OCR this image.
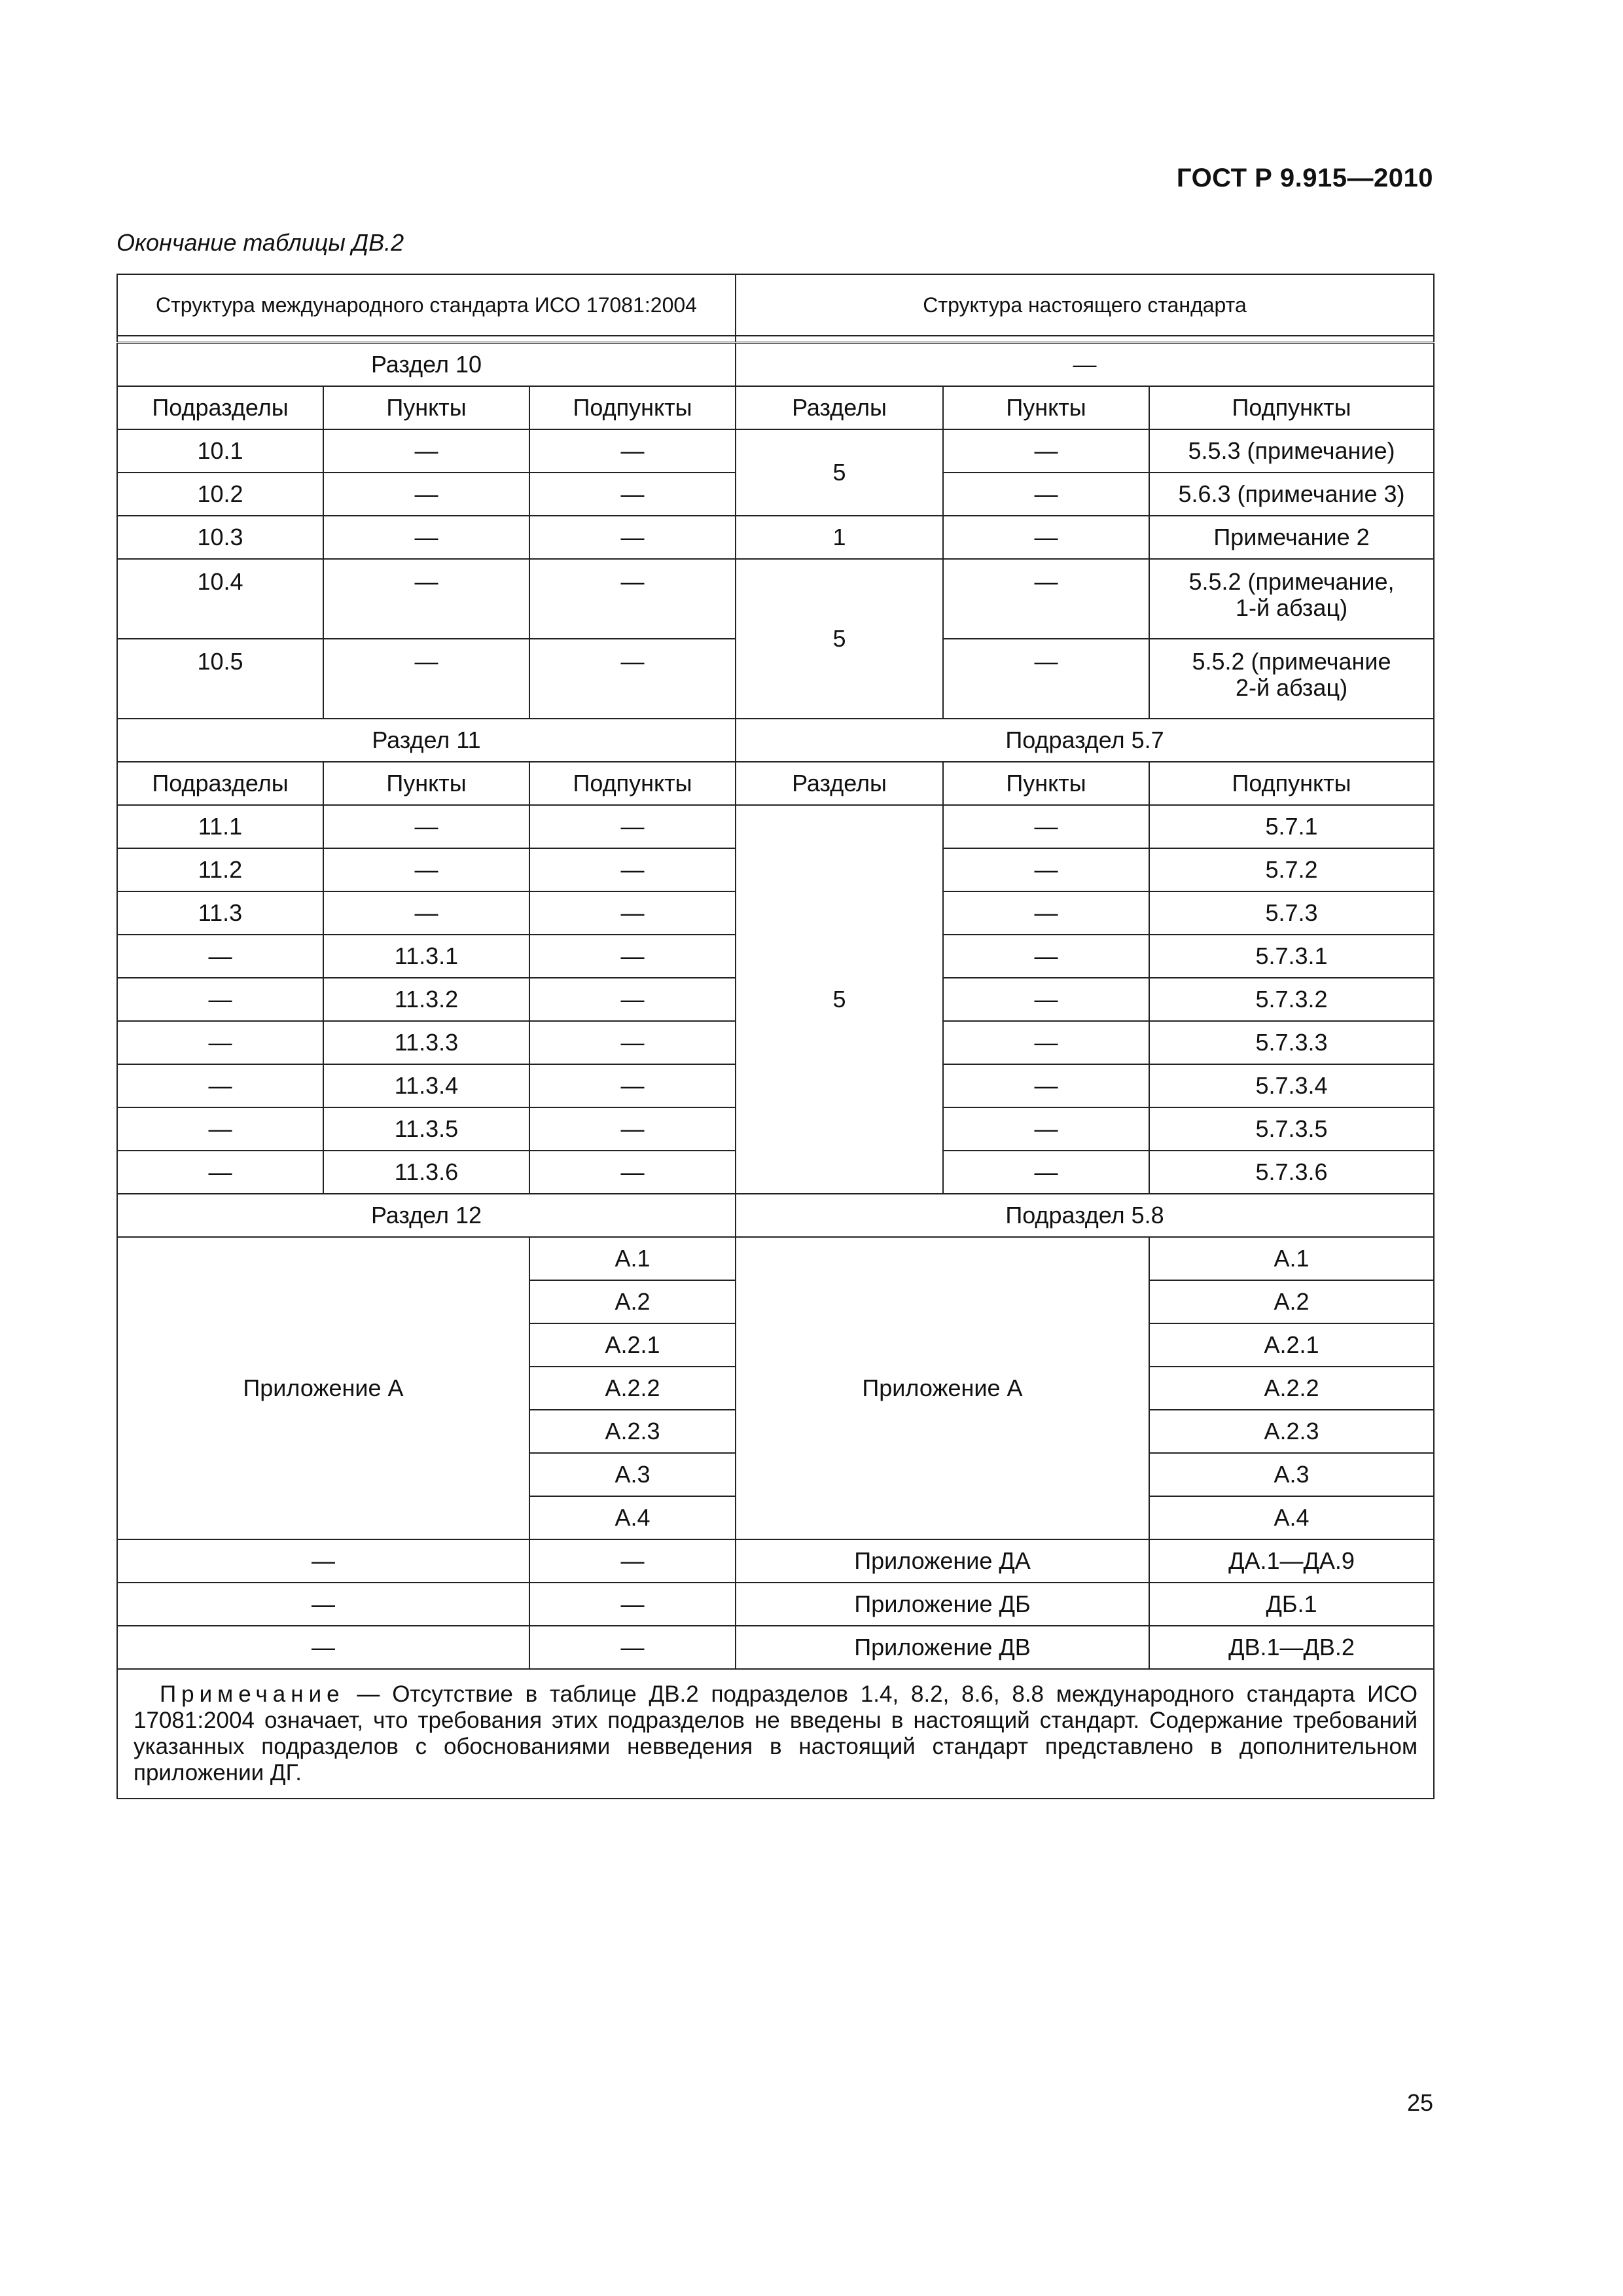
ГОСТ Р 9.915—2010
Окончание таблицы ДВ.2
Структура международного стандарта ИСО 17081:2004			Структура настоящего стандарта		

Раздел 10			—		
Подразделы	Пункты	Подпункты	Разделы	Пункты	Подпункты
10.1	—	—	5	—	5.5.3 (примечание)
10.2	—	—		—	5.6.3 (примечание 3)
10.3	—	—	1	—	Примечание 2
10.4	—	—	5	—	5.5.2 (примечание,
1-й абзац)

10.5	—	—		—	5.5.2 (примечание
2-й абзац)

Раздел 11			Подраздел 5.7		
Подразделы	Пункты	Подпункты	Разделы	Пункты	Подпункты
11.1	—	—	5	—	5.7.1
11.2	—	—		—	5.7.2
11.3	—	—		—	5.7.3
—	11.3.1	—		—	5.7.3.1
—	11.3.2	—		—	5.7.3.2
—	11.3.3	—		—	5.7.3.3
—	11.3.4	—		—	5.7.3.4
—	11.3.5	—		—	5.7.3.5
—	11.3.6	—		—	5.7.3.6
Раздел 12			Подраздел 5.8		
Приложение А		А.1	Приложение А		А.1
		А.2			А.2
		А.2.1			А.2.1
		А.2.2			А.2.2
		А.2.3			А.2.3
		А.3			А.3
		А.4			А.4
—		—	Приложение ДА		ДА.1—ДА.9
—		—	Приложение ДБ		ДБ.1
—		—	Приложение ДВ		ДВ.1—ДВ.2
Примечание — Отсутствие в таблице ДВ.2 подразделов 1.4, 8.2, 8.6, 8.8 международного стандарта ИСО 17081:2004 означает, что требования этих подразделов не введены в настоящий стандарт. Содержание требований указанных подразделов с обоснованиями невведения в настоящий стандарт представлено в дополнительном приложении ДГ.					
25
